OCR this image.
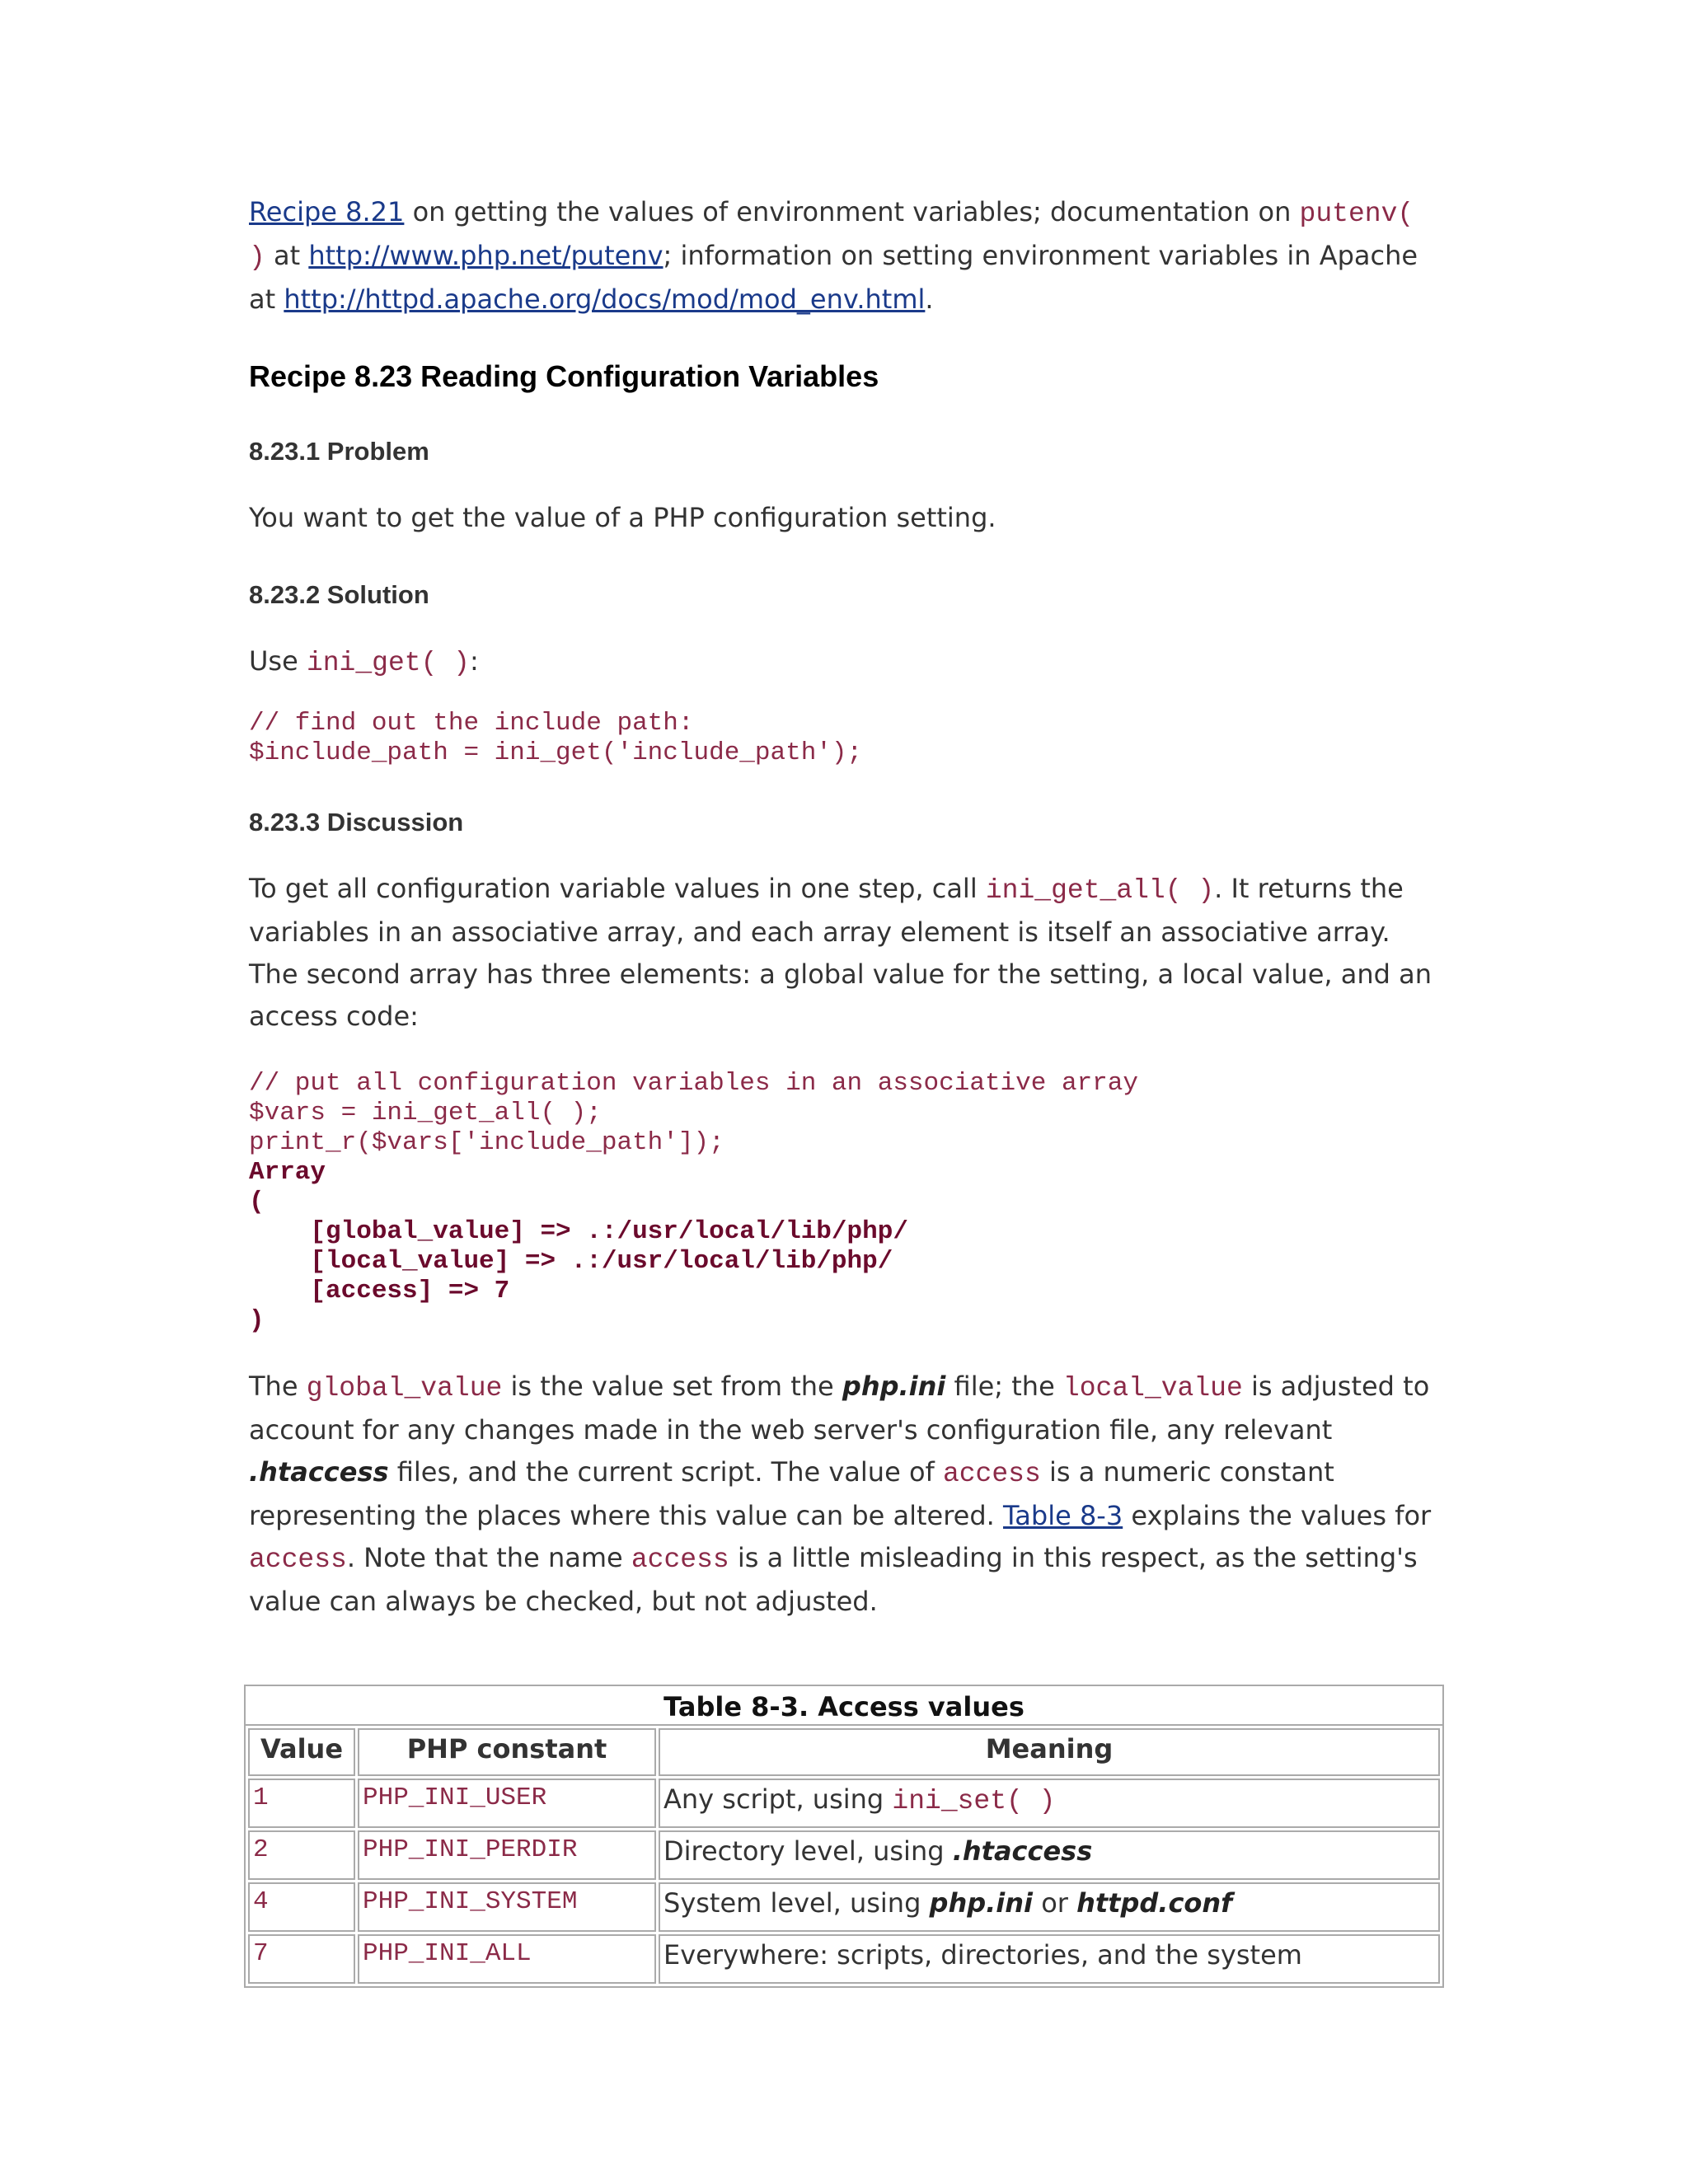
Recipe 8.21 on getting the values of environment variables; documentation on putenv( ) at http://www.php.net/putenv; information on setting environment variables in Apache at http://httpd.apache.org/docs/mod/mod_env.html.

Recipe 8.23 Reading Configuration Variables
8.23.1 Problem

You want to get the value of a PHP configuration setting.

8.23.2 Solution

Use ini_get( ):

// find out the include path:
$include_path = ini_get('include_path');
8.23.3 Discussion

To get all configuration variable values in one step, call ini_get_all( ). It returns the variables in an associative array, and each array element is itself an associative array. The second array has three elements: a global value for the setting, a local value, and an access code:

// put all configuration variables in an associative array
$vars = ini_get_all( );
print_r($vars['include_path']);
Array
(
[global_value] => .:/usr/local/lib/php/
[local_value] => .:/usr/local/lib/php/
[access] => 7
)

The global_value is the value set from the php.ini file; the local_value is adjusted to account for any changes made in the web server's configuration file, any relevant .htaccess files, and the current script. The value of access is a numeric constant representing the places where this value can be altered. Table 8-3 explains the values for access. Note that the name access is a little misleading in this respect, as the setting's value can always be checked, but not adjusted.

Table 8-3. Access values
Value	PHP constant	Meaning
1	PHP_INI_USER	Any script, using ini_set( )
2	PHP_INI_PERDIR	Directory level, using .htaccess
4	PHP_INI_SYSTEM	System level, using php.ini or httpd.conf
7	PHP_INI_ALL	Everywhere: scripts, directories, and the system
